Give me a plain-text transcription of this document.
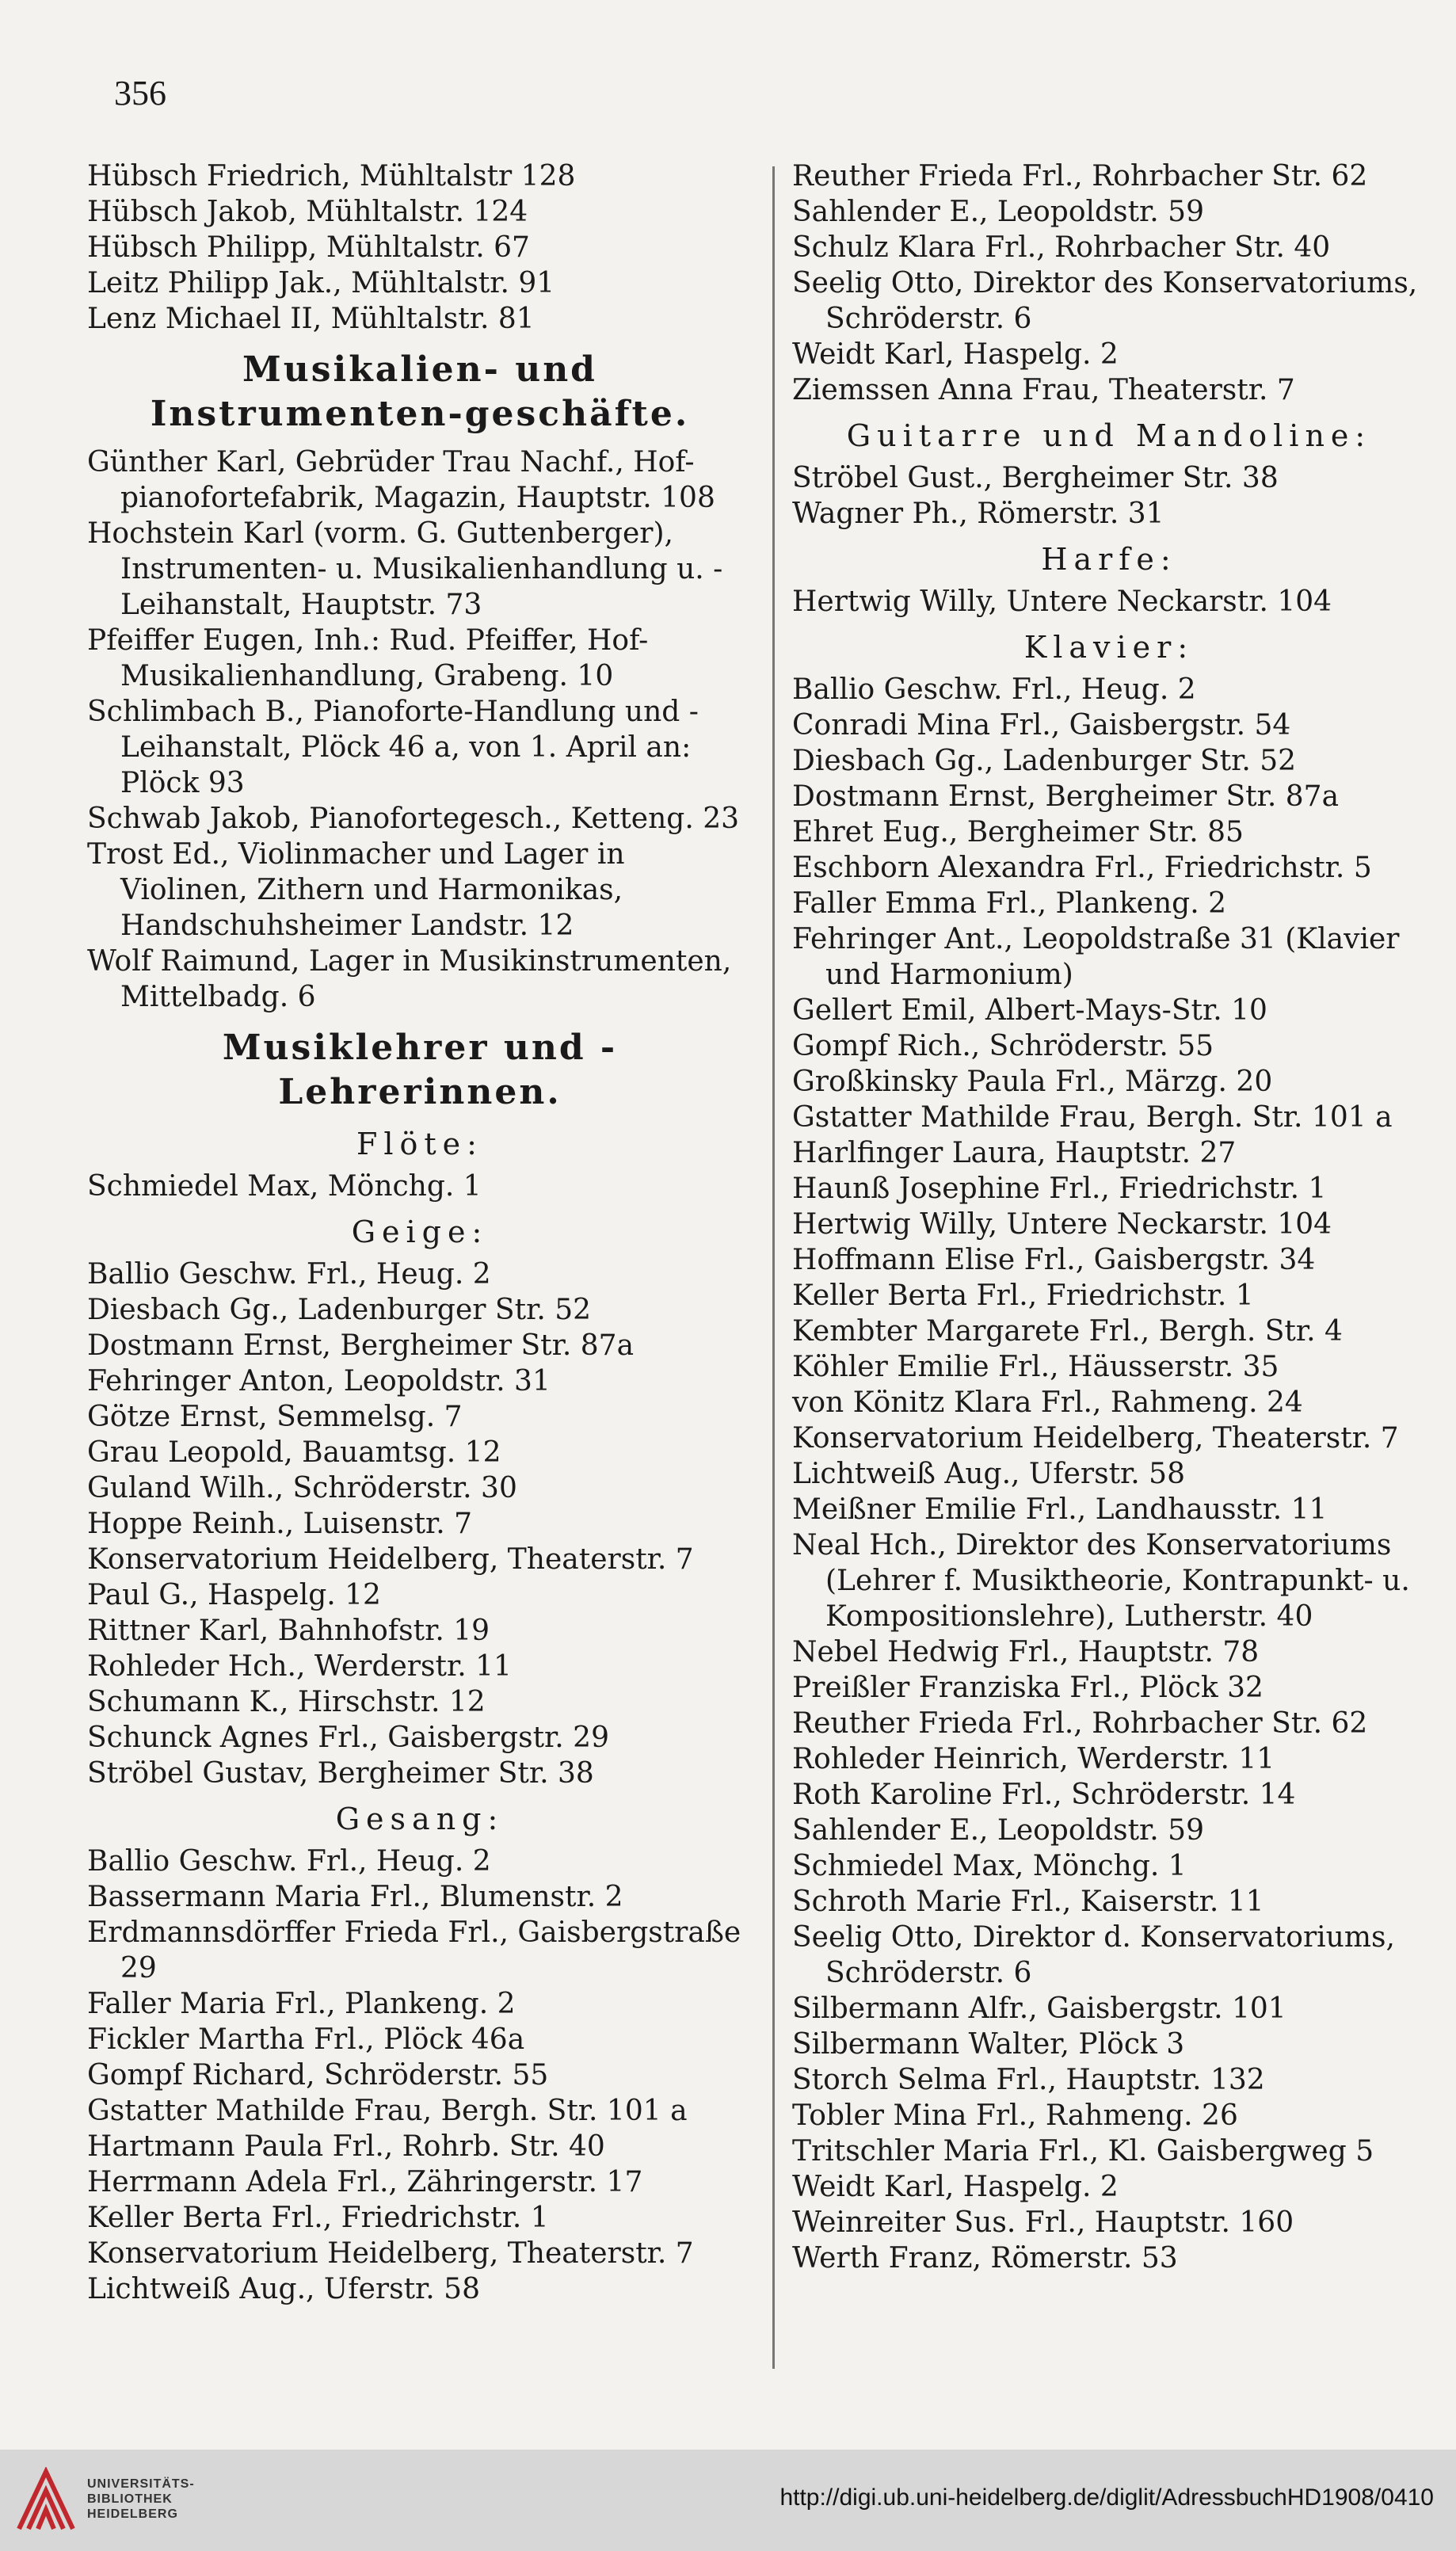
356

Hübsch Friedrich, Mühltalstr 128

Hübsch Jakob, Mühltalstr. 124

Hübsch Philipp, Mühltalstr. 67

Leitz Philipp Jak., Mühltalstr. 91

Lenz Michael II, Mühltalstr. 81

Musikalien- und Instrumenten-geschäfte.

Günther Karl, Gebrüder Trau Nachf., Hof-pianofortefabrik, Magazin, Hauptstr. 108

Hochstein Karl (vorm. G. Guttenberger), Instrumenten- u. Musikalienhandlung u. -Leihanstalt, Hauptstr. 73

Pfeiffer Eugen, Inh.: Rud. Pfeiffer, Hof-Musikalienhandlung, Grabeng. 10

Schlimbach B., Pianoforte-Handlung und -Leihanstalt, Plöck 46 a, von 1. April an: Plöck 93

Schwab Jakob, Pianofortegesch., Ketteng. 23

Trost Ed., Violinmacher und Lager in Violinen, Zithern und Harmonikas, Handschuhsheimer Landstr. 12

Wolf Raimund, Lager in Musikinstrumenten, Mittelbadg. 6

Musiklehrer und -Lehrerinnen.
Flöte:

Schmiedel Max, Mönchg. 1

Geige:

Ballio Geschw. Frl., Heug. 2

Diesbach Gg., Ladenburger Str. 52

Dostmann Ernst, Bergheimer Str. 87a

Fehringer Anton, Leopoldstr. 31

Götze Ernst, Semmelsg. 7

Grau Leopold, Bauamtsg. 12

Guland Wilh., Schröderstr. 30

Hoppe Reinh., Luisenstr. 7

Konservatorium Heidelberg, Theaterstr. 7

Paul G., Haspelg. 12

Rittner Karl, Bahnhofstr. 19

Rohleder Hch., Werderstr. 11

Schumann K., Hirschstr. 12

Schunck Agnes Frl., Gaisbergstr. 29

Ströbel Gustav, Bergheimer Str. 38

Gesang:

Ballio Geschw. Frl., Heug. 2

Bassermann Maria Frl., Blumenstr. 2

Erdmannsdörffer Frieda Frl., Gaisbergstraße 29

Faller Maria Frl., Plankeng. 2

Fickler Martha Frl., Plöck 46a

Gompf Richard, Schröderstr. 55

Gstatter Mathilde Frau, Bergh. Str. 101 a

Hartmann Paula Frl., Rohrb. Str. 40

Herrmann Adela Frl., Zähringerstr. 17

Keller Berta Frl., Friedrichstr. 1

Konservatorium Heidelberg, Theaterstr. 7

Lichtweiß Aug., Uferstr. 58

Reuther Frieda Frl., Rohrbacher Str. 62

Sahlender E., Leopoldstr. 59

Schulz Klara Frl., Rohrbacher Str. 40

Seelig Otto, Direktor des Konservatoriums, Schröderstr. 6

Weidt Karl, Haspelg. 2

Ziemssen Anna Frau, Theaterstr. 7

Guitarre und Mandoline:

Ströbel Gust., Bergheimer Str. 38

Wagner Ph., Römerstr. 31

Harfe:

Hertwig Willy, Untere Neckarstr. 104

Klavier:

Ballio Geschw. Frl., Heug. 2

Conradi Mina Frl., Gaisbergstr. 54

Diesbach Gg., Ladenburger Str. 52

Dostmann Ernst, Bergheimer Str. 87a

Ehret Eug., Bergheimer Str. 85

Eschborn Alexandra Frl., Friedrichstr. 5

Faller Emma Frl., Plankeng. 2

Fehringer Ant., Leopoldstraße 31 (Klavier und Harmonium)

Gellert Emil, Albert-Mays-Str. 10

Gompf Rich., Schröderstr. 55

Großkinsky Paula Frl., Märzg. 20

Gstatter Mathilde Frau, Bergh. Str. 101 a

Harlfinger Laura, Hauptstr. 27

Haunß Josephine Frl., Friedrichstr. 1

Hertwig Willy, Untere Neckarstr. 104

Hoffmann Elise Frl., Gaisbergstr. 34

Keller Berta Frl., Friedrichstr. 1

Kembter Margarete Frl., Bergh. Str. 4

Köhler Emilie Frl., Häusserstr. 35

von Könitz Klara Frl., Rahmeng. 24

Konservatorium Heidelberg, Theaterstr. 7

Lichtweiß Aug., Uferstr. 58

Meißner Emilie Frl., Landhausstr. 11

Neal Hch., Direktor des Konservatoriums (Lehrer f. Musiktheorie, Kontrapunkt- u. Kompositionslehre), Lutherstr. 40

Nebel Hedwig Frl., Hauptstr. 78

Preißler Franziska Frl., Plöck 32

Reuther Frieda Frl., Rohrbacher Str. 62

Rohleder Heinrich, Werderstr. 11

Roth Karoline Frl., Schröderstr. 14

Sahlender E., Leopoldstr. 59

Schmiedel Max, Mönchg. 1

Schroth Marie Frl., Kaiserstr. 11

Seelig Otto, Direktor d. Konservatoriums, Schröderstr. 6

Silbermann Alfr., Gaisbergstr. 101

Silbermann Walter, Plöck 3

Storch Selma Frl., Hauptstr. 132

Tobler Mina Frl., Rahmeng. 26

Tritschler Maria Frl., Kl. Gaisbergweg 5

Weidt Karl, Haspelg. 2

Weinreiter Sus. Frl., Hauptstr. 160

Werth Franz, Römerstr. 53

UNIVERSITÄTS-
BIBLIOTHEK
HEIDELBERG
http://digi.ub.uni-heidelberg.de/diglit/AdressbuchHD1908/0410
